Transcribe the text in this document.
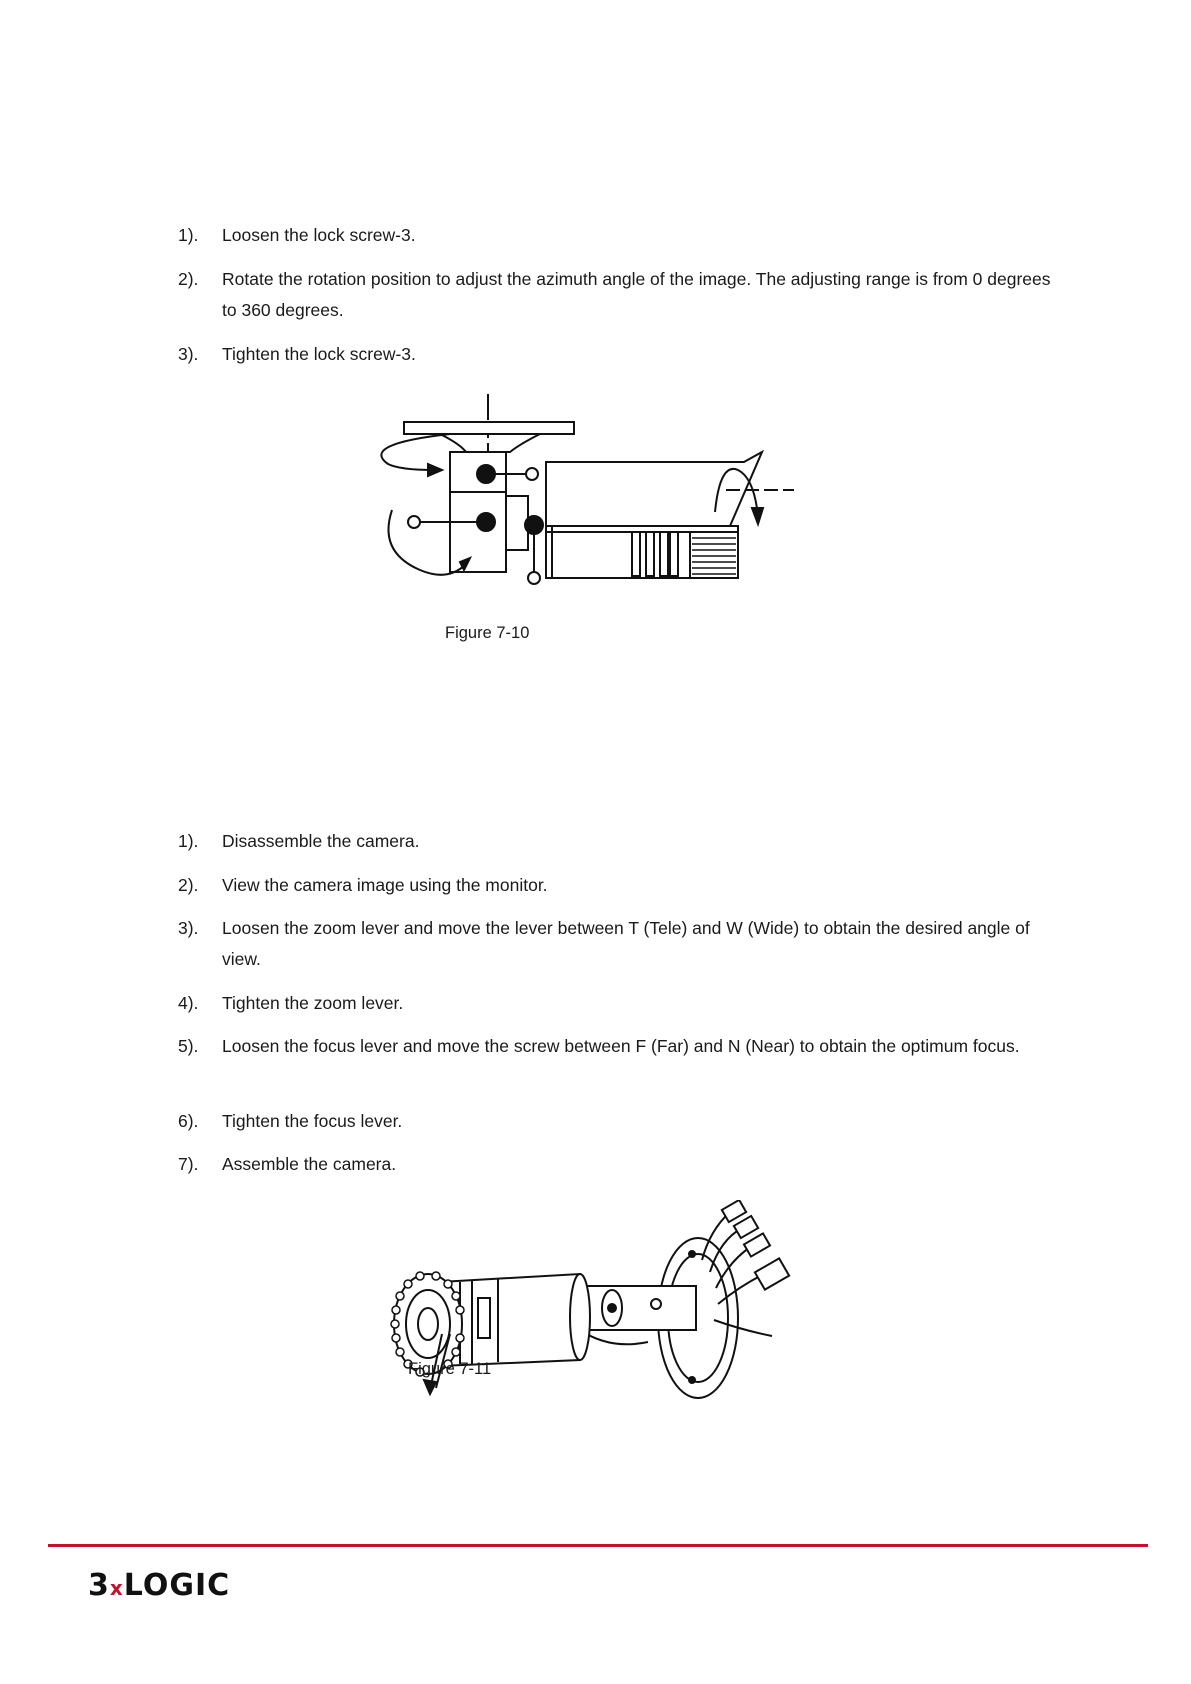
1).	Loosen the lock screw-3.
2).	Rotate the rotation position to adjust the azimuth angle of the image. The adjusting range is from 0 degrees to 360 degrees.
3).	Tighten the lock screw-3.
Figure 7-10
1).	Disassemble the camera.
2).	View the camera image using the monitor.
3).	Loosen the zoom lever and move the lever between T (Tele) and W (Wide) to obtain the desired angle of view.
4).	Tighten the zoom lever.
5).	Loosen the focus lever and move the screw between F (Far) and N (Near) to obtain the optimum focus.
6).	Tighten the focus lever.
7).	Assemble the camera.
Figure 7-11
3xLOGIC
